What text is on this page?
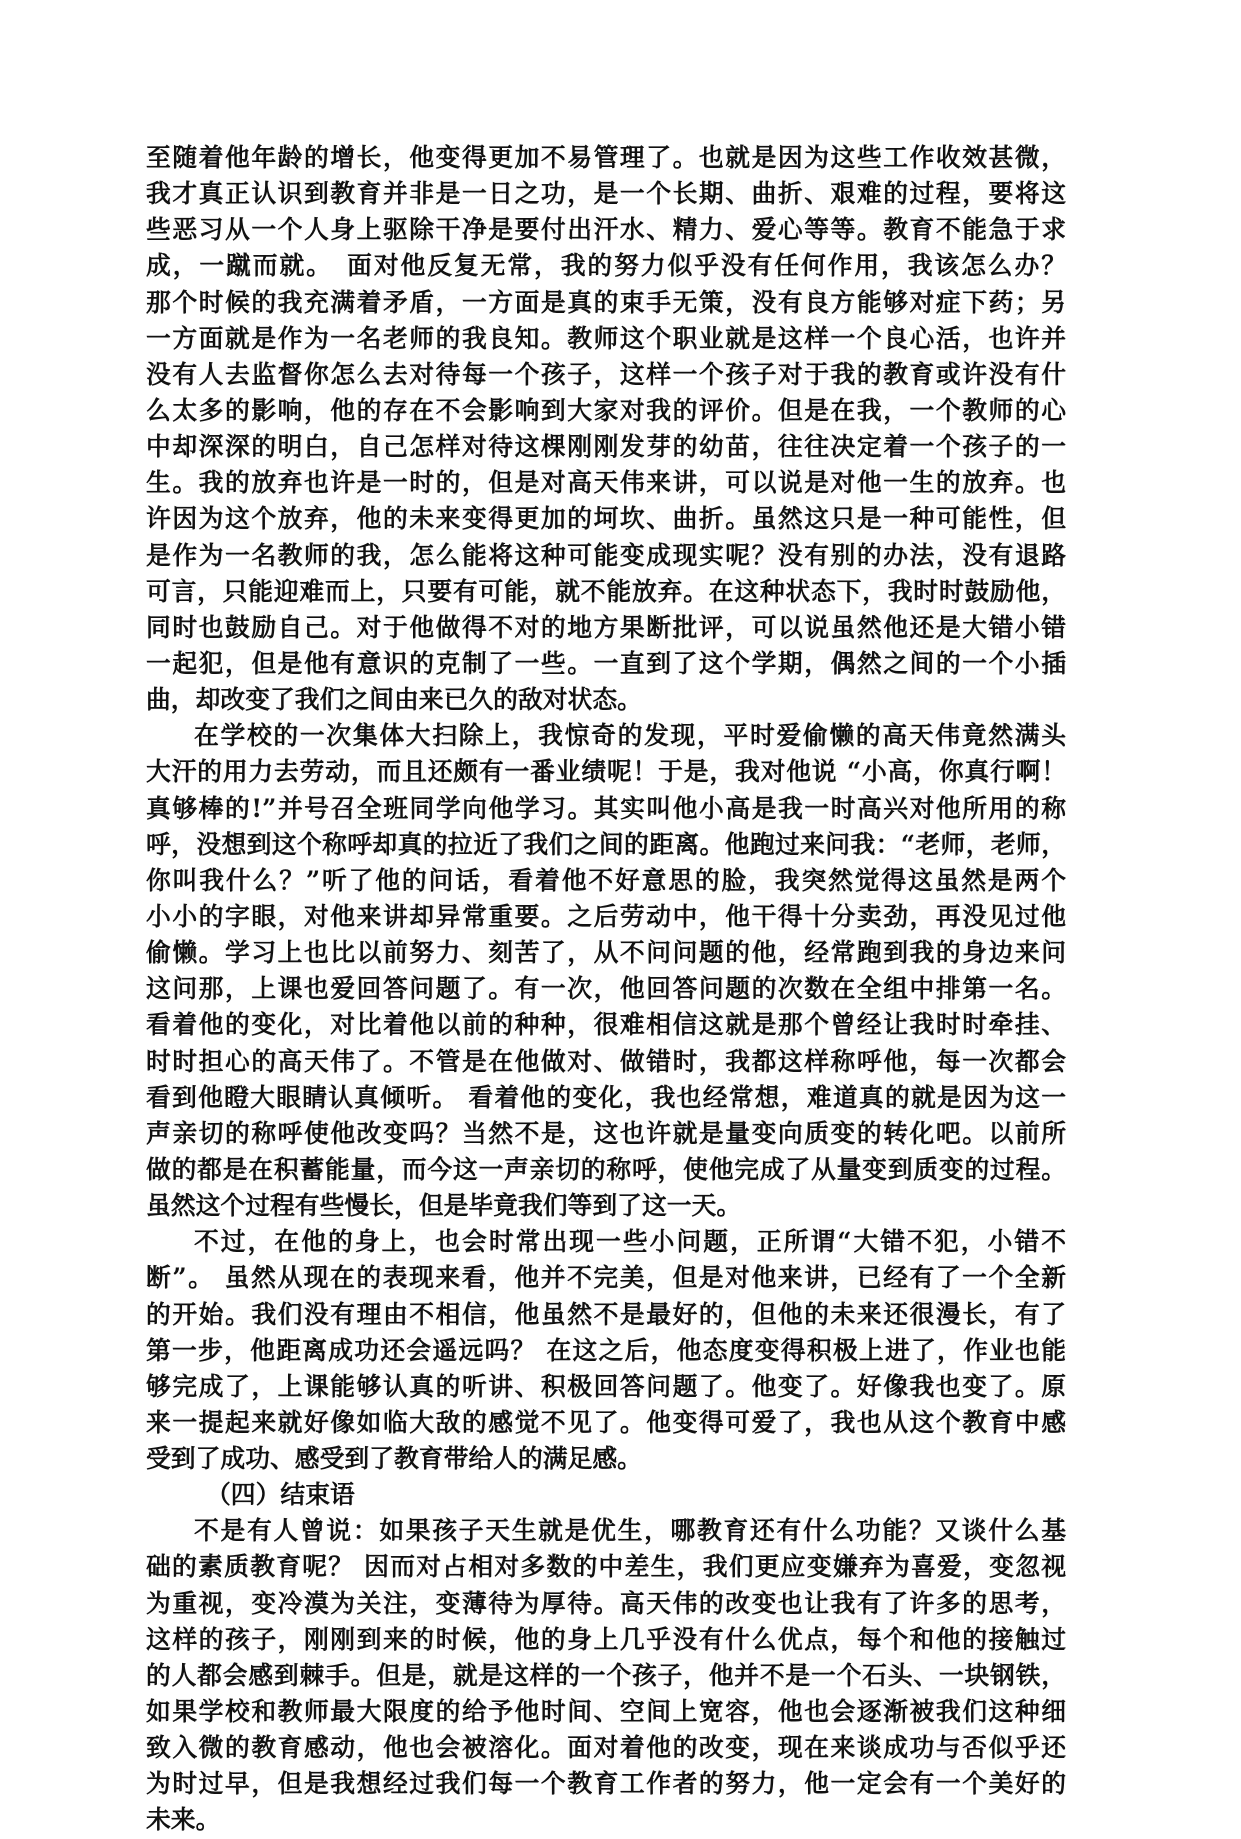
至随着他年龄的增长，他变得更加不易管理了。也就是因为这些工作收效甚微，
我才真正认识到教育并非是一日之功，是一个长期、曲折、艰难的过程，要将这
些恶习从一个人身上驱除干净是要付出汗水、精力、爱心等等。教育不能急于求
成，一蹴而就。　面对他反复无常，我的努力似乎没有任何作用，我该怎么办？
那个时候的我充满着矛盾，一方面是真的束手无策，没有良方能够对症下药；另
一方面就是作为一名老师的我良知。教师这个职业就是这样一个良心活，也许并
没有人去监督你怎么去对待每一个孩子，这样一个孩子对于我的教育或许没有什
么太多的影响，他的存在不会影响到大家对我的评价。但是在我，一个教师的心
中却深深的明白，自己怎样对待这棵刚刚发芽的幼苗，往往决定着一个孩子的一
生。我的放弃也许是一时的，但是对高天伟来讲，可以说是对他一生的放弃。也
许因为这个放弃，他的未来变得更加的坷坎、曲折。虽然这只是一种可能性，但
是作为一名教师的我，怎么能将这种可能变成现实呢？没有别的办法，没有退路
可言，只能迎难而上，只要有可能，就不能放弃。在这种状态下，我时时鼓励他，
同时也鼓励自己。对于他做得不对的地方果断批评，可以说虽然他还是大错小错
一起犯，但是他有意识的克制了一些。一直到了这个学期，偶然之间的一个小插
曲，却改变了我们之间由来已久的敌对状态。
在学校的一次集体大扫除上，我惊奇的发现，平时爱偷懒的高天伟竟然满头
大汗的用力去劳动，而且还颇有一番业绩呢！于是，我对他说 “小高，你真行啊！
真够棒的!”并号召全班同学向他学习。其实叫他小高是我一时高兴对他所用的称
呼，没想到这个称呼却真的拉近了我们之间的距离。他跑过来问我：“老师，老师，
你叫我什么？”听了他的问话，看着他不好意思的脸，我突然觉得这虽然是两个
小小的字眼，对他来讲却异常重要。之后劳动中，他干得十分卖劲，再没见过他
偷懒。学习上也比以前努力、刻苦了，从不问问题的他，经常跑到我的身边来问
这问那，上课也爱回答问题了。有一次，他回答问题的次数在全组中排第一名。
看着他的变化，对比着他以前的种种，很难相信这就是那个曾经让我时时牵挂、
时时担心的高天伟了。不管是在他做对、做错时，我都这样称呼他，每一次都会
看到他瞪大眼睛认真倾听。 看着他的变化，我也经常想，难道真的就是因为这一
声亲切的称呼使他改变吗？当然不是，这也许就是量变向质变的转化吧。以前所
做的都是在积蓄能量，而今这一声亲切的称呼，使他完成了从量变到质变的过程。
虽然这个过程有些慢长，但是毕竟我们等到了这一天。
不过，在他的身上，也会时常出现一些小问题，正所谓“大错不犯，小错不
断”。 虽然从现在的表现来看，他并不完美，但是对他来讲，已经有了一个全新
的开始。我们没有理由不相信，他虽然不是最好的，但他的未来还很漫长，有了
第一步，他距离成功还会遥远吗？ 在这之后，他态度变得积极上进了，作业也能
够完成了，上课能够认真的听讲、积极回答问题了。他变了。好像我也变了。原
来一提起来就好像如临大敌的感觉不见了。他变得可爱了，我也从这个教育中感
受到了成功、感受到了教育带给人的满足感。
（四）结束语
不是有人曾说：如果孩子天生就是优生，哪教育还有什么功能？又谈什么基
础的素质教育呢？ 因而对占相对多数的中差生，我们更应变嫌弃为喜爱，变忽视
为重视，变冷漠为关注，变薄待为厚待。高天伟的改变也让我有了许多的思考，
这样的孩子，刚刚到来的时候，他的身上几乎没有什么优点，每个和他的接触过
的人都会感到棘手。但是，就是这样的一个孩子，他并不是一个石头、一块钢铁，
如果学校和教师最大限度的给予他时间、空间上宽容，他也会逐渐被我们这种细
致入微的教育感动，他也会被溶化。面对着他的改变，现在来谈成功与否似乎还
为时过早，但是我想经过我们每一个教育工作者的努力，他一定会有一个美好的
未来。
